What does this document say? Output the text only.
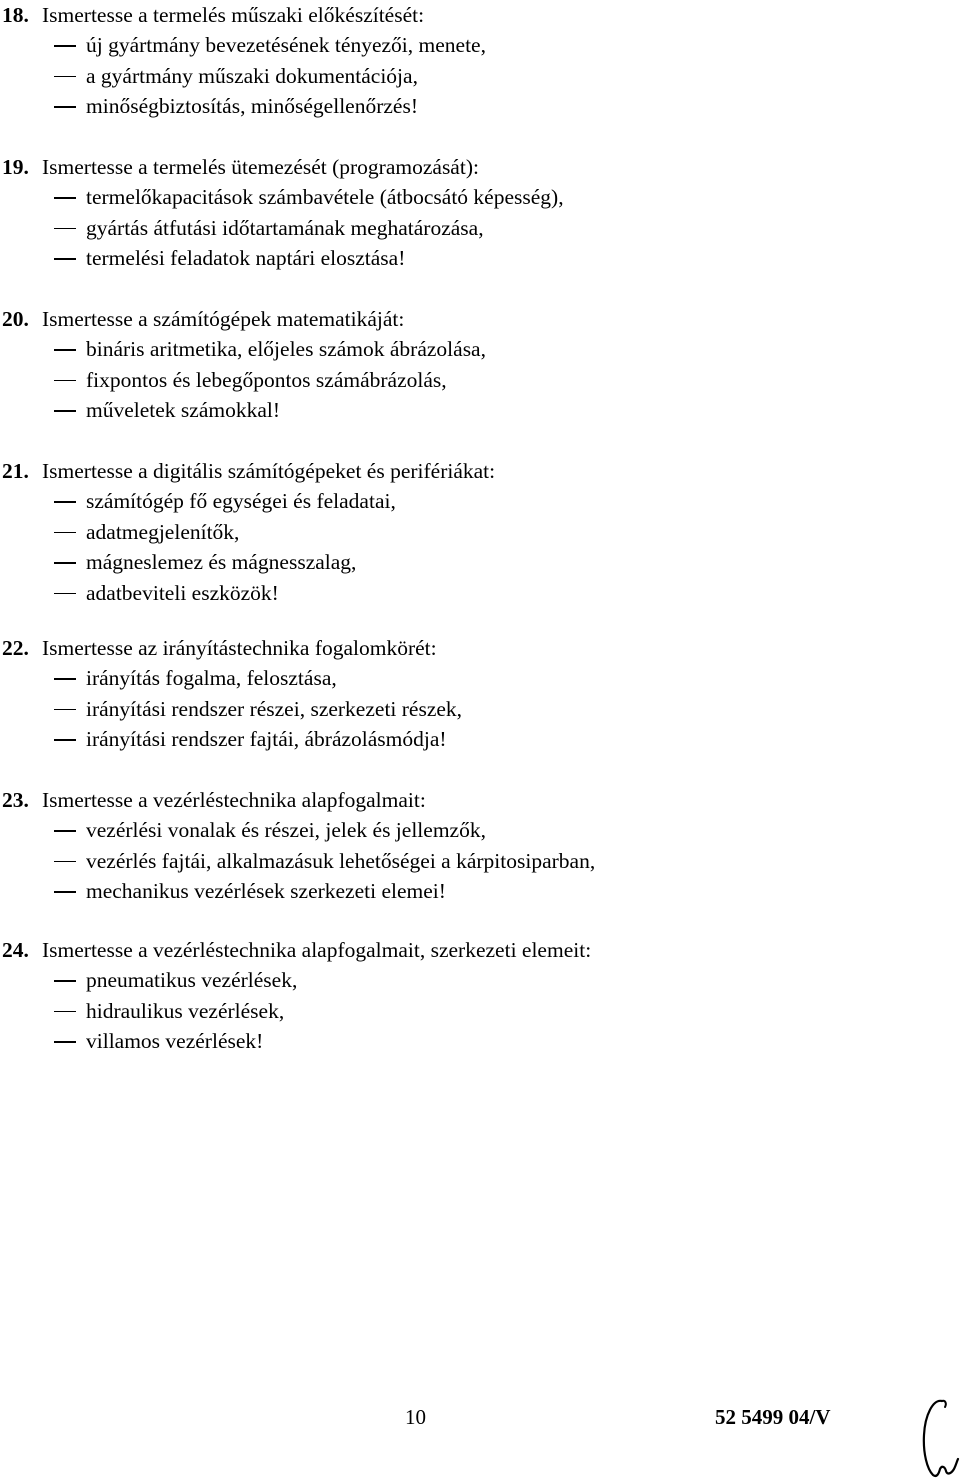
18. Ismertesse a termelés műszaki előkészítését:
új gyártmány bevezetésének tényezői, menete,
a gyártmány műszaki dokumentációja,
minőségbiztosítás, minőségellenőrzés!
19. Ismertesse a termelés ütemezését (programozását):
termelőkapacitások számbavétele (átbocsátó képesség),
gyártás átfutási időtartamának meghatározása,
termelési feladatok naptári elosztása!
20. Ismertesse a számítógépek matematikáját:
bináris aritmetika, előjeles számok ábrázolása,
fixpontos és lebegőpontos számábrázolás,
műveletek számokkal!
21. Ismertesse a digitális számítógépeket és perifériákat:
számítógép fő egységei és feladatai,
adatmegjelenítők,
mágneslemez és mágnesszalag,
adatbeviteli eszközök!
22. Ismertesse az irányítástechnika fogalomkörét:
irányítás fogalma, felosztása,
irányítási rendszer részei, szerkezeti részek,
irányítási rendszer fajtái, ábrázolásmódja!
23. Ismertesse a vezérléstechnika alapfogalmait:
vezérlési vonalak és részei, jelek és jellemzők,
vezérlés fajtái, alkalmazásuk lehetőségei a kárpitosiparban,
mechanikus vezérlések szerkezeti elemei!
24. Ismertesse a vezérléstechnika alapfogalmait, szerkezeti elemeit:
pneumatikus vezérlések,
hidraulikus vezérlések,
villamos vezérlések!
10	52 5499 04/V
